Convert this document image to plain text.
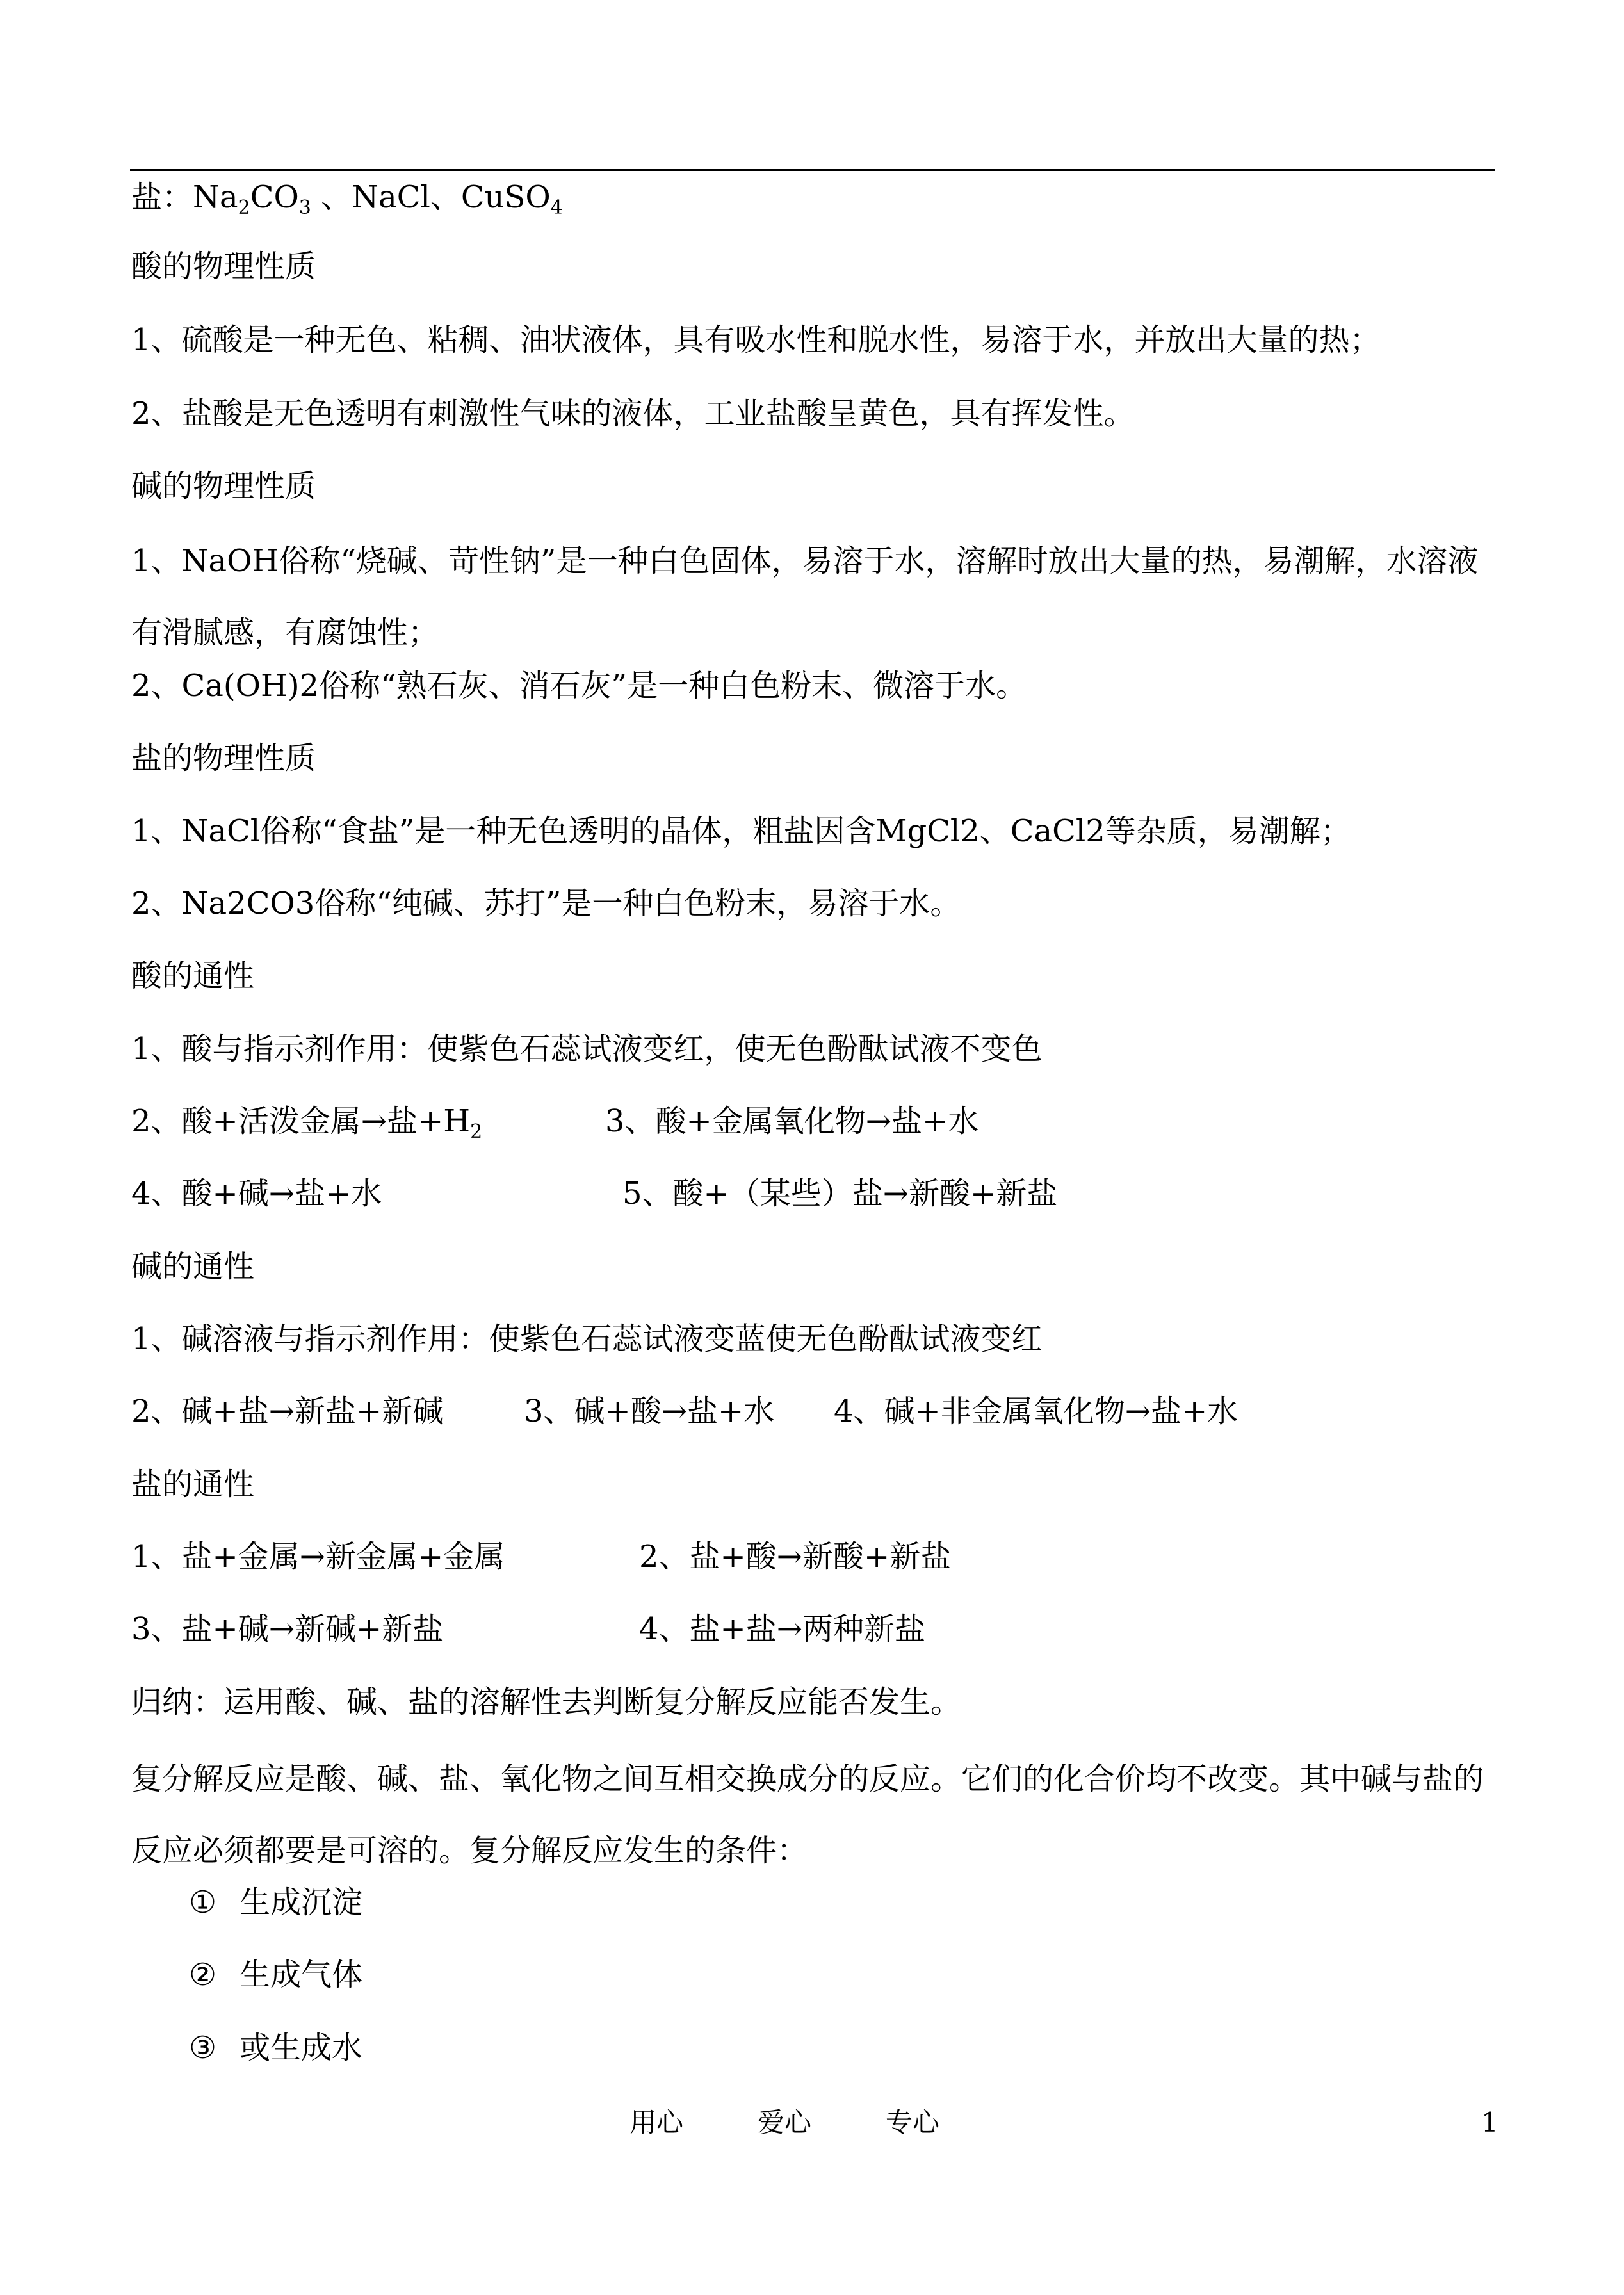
盐：$Na_2CO_3$ 、NaCl、CuSO$_4$
酸的物理性质
1、硫酸是一种无色、粘稠、油状液体，具有吸水性和脱水性，易溶于水，并放出大量的热；
2、盐酸是无色透明有刺激性气味的液体，工业盐酸呈黄色，具有挥发性。
碱的物理性质
1、NaOH俗称“烧碱、苛性钠”是一种白色固体，易溶于水，溶解时放出大量的热，易潮解，水溶液有滑腻感，有腐蚀性；
2、Ca(OH)2俗称“熟石灰、消石灰”是一种白色粉末、微溶于水。
盐的物理性质
1、NaCl俗称“食盐”是一种无色透明的晶体，粗盐因含MgCl2、CaCl2等杂质，易潮解；
2、Na2CO3俗称“纯碱、苏打”是一种白色粉末，易溶于水。
酸的通性
1、酸与指示剂作用：使紫色石蕊试液变红，使无色酚酞试液不变色
2、酸+活泼金属→盐$+H_2$	3、酸+金属氧化物→盐+水
4、酸+碱→盐+水	5、酸+（某些）盐→新酸+新盐
碱的通性
1、碱溶液与指示剂作用：使紫色石蕊试液变蓝使无色酚酞试液变红
2、碱+盐→新盐+新碱	3、碱+酸→盐+水 4、碱+非金属氧化物→盐+水
盐的通性
1、盐+金属→新金属+金属	2、盐+酸→新酸+新盐
3、盐+碱→新碱+新盐	4、盐+盐→两种新盐
归纳：运用酸、碱、盐的溶解性去判断复分解反应能否发生。
复分解反应是酸、碱、盐、氧化物之间互相交换成分的反应。它们的化合价均不改变。其中碱与盐的反应必须都要是可溶的。复分解反应发生的条件：
① 生成沉淀
② 生成气体
③ 或生成水
用心	爱心	专心	1
